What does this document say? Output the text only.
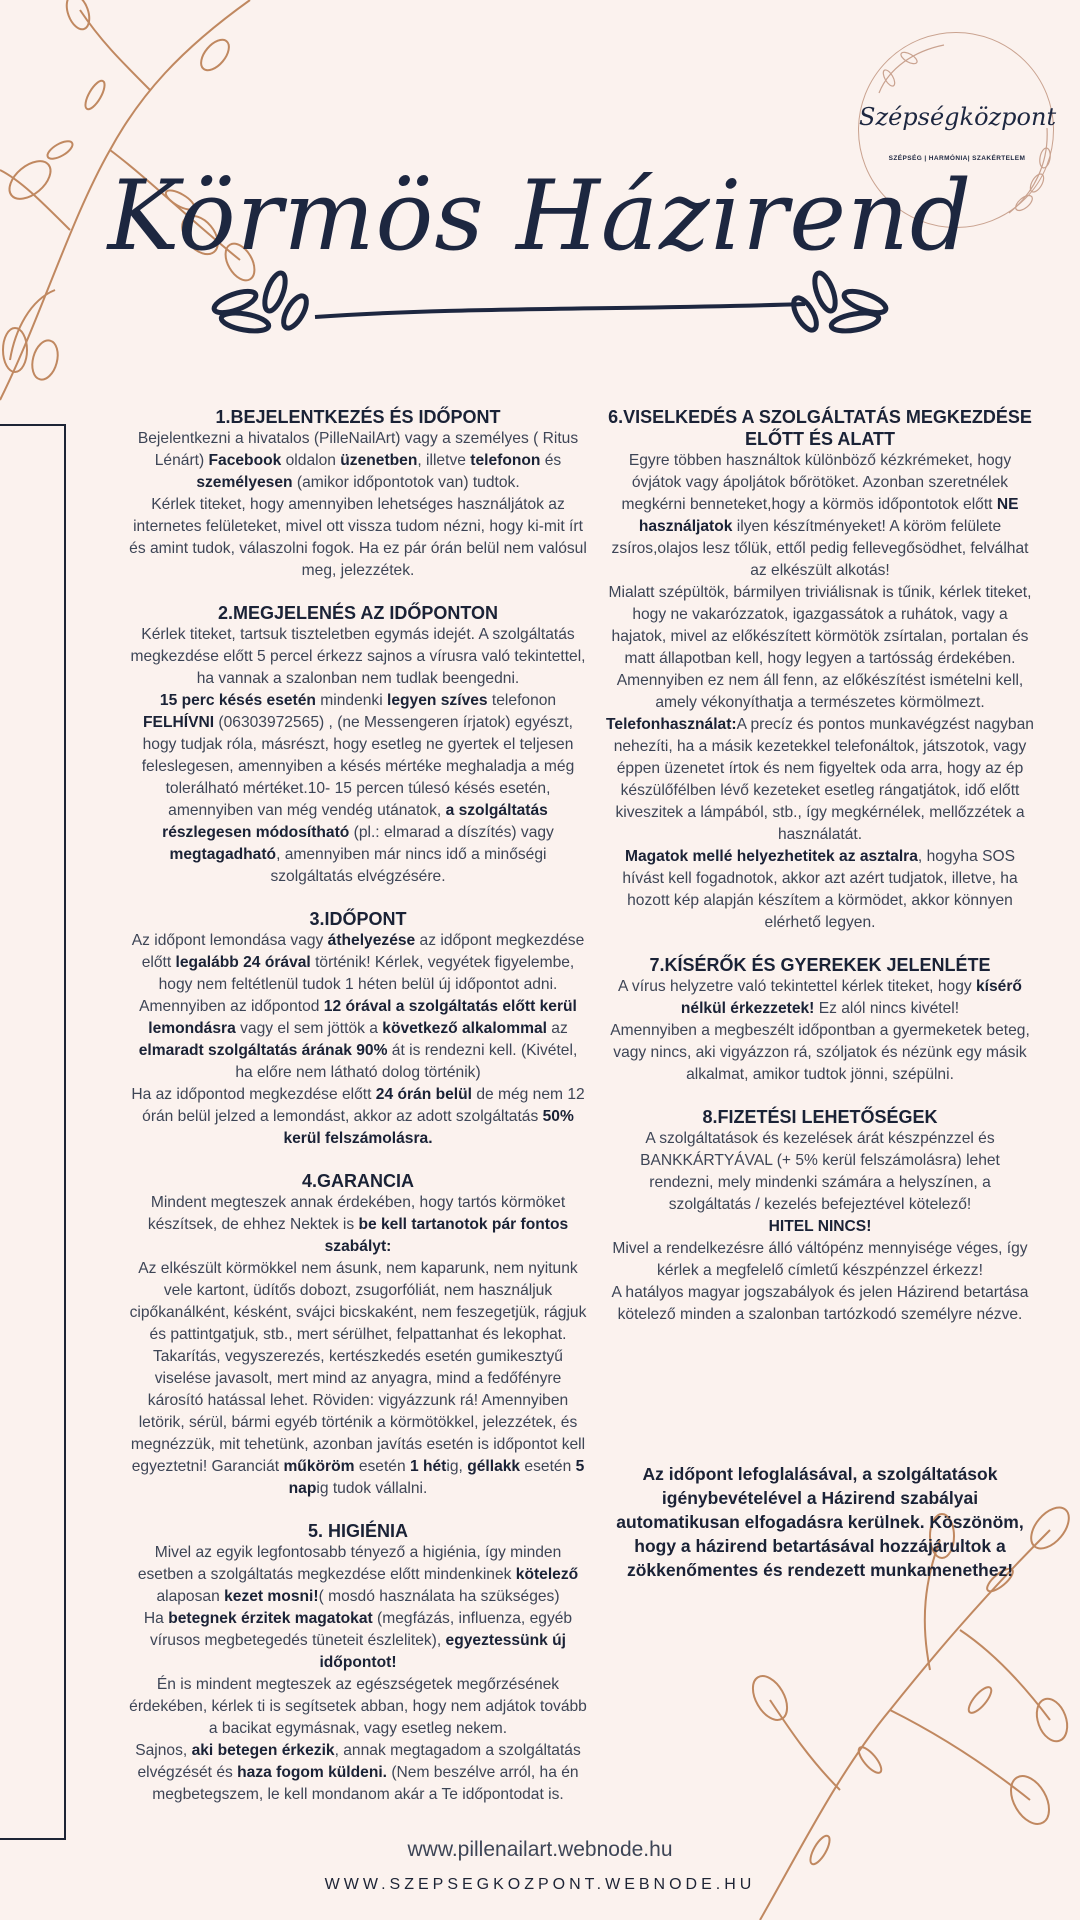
Szépségközpont
SZÉPSÉG | HARMÓNIA| SZAKÉRTELEM
Körmös Házirend
1.BEJELENTKEZÉS ÉS IDŐPONT

Bejelentkezni a hivatalos (PilleNailArt) vagy a személyes ( Ritus Lénárt) Facebook oldalon üzenetben, illetve telefonon és személyesen (amikor időpontotok van) tudtok.

Kérlek titeket, hogy amennyiben lehetséges használjátok az internetes felületeket, mivel ott vissza tudom nézni, hogy ki-mit írt és amint tudok, válaszolni fogok. Ha ez pár órán belül nem valósul meg, jelezzétek.

2.MEGJELENÉS AZ IDŐPONTON

Kérlek titeket, tartsuk tiszteletben egymás idejét. A szolgáltatás megkezdése előtt 5 percel érkezz sajnos a vírusra való tekintettel, ha vannak a szalonban nem tudlak beengedni.

15 perc késés esetén mindenki legyen szíves telefonon FELHÍVNI (06303972565) , (ne Messengeren írjatok) egyészt, hogy tudjak róla, másrészt, hogy esetleg ne gyertek el teljesen feleslegesen, amennyiben a késés mértéke meghaladja a még tolerálható mértéket.10- 15 percen túlesó késés esetén, amennyiben van még vendég utánatok, a szolgáltatás részlegesen módosítható (pl.: elmarad a díszítés) vagy megtagadható, amennyiben már nincs idő a minőségi szolgáltatás elvégzésére.

3.IDŐPONT

Az időpont lemondása vagy áthelyezése az időpont megkezdése előtt legalább 24 órával történik! Kérlek, vegyétek figyelembe, hogy nem feltétlenül tudok 1 héten belül új időpontot adni. Amennyiben az időpontod 12 órával a szolgáltatás előtt kerül lemondásra vagy el sem jöttök a következő alkalommal az elmaradt szolgáltatás árának 90% át is rendezni kell. (Kivétel, ha előre nem látható dolog történik)

Ha az időpontod megkezdése előtt 24 órán belül de még nem 12 órán belül jelzed a lemondást, akkor az adott szolgáltatás 50% kerül felszámolásra.

4.GARANCIA

Mindent megteszek annak érdekében, hogy tartós körmöket készítsek, de ehhez Nektek is be kell tartanotok pár fontos szabályt:

Az elkészült körmökkel nem ásunk, nem kaparunk, nem nyitunk vele kartont, üdítős dobozt, zsugorfóliát, nem használjuk cipőkanálként, késként, svájci bicskaként, nem feszegetjük, rágjuk és pattintgatjuk, stb., mert sérülhet, felpattanhat és lekophat. Takarítás, vegyszerezés, kertészkedés esetén gumikesztyű viselése javasolt, mert mind az anyagra, mind a fedőfényre károsító hatással lehet. Röviden: vigyázzunk rá! Amennyiben letörik, sérül, bármi egyéb történik a körmötökkel, jelezzétek, és megnézzük, mit tehetünk, azonban javítás esetén is időpontot kell egyeztetni! Garanciát műköröm esetén 1 hétig, géllakk esetén 5 napig tudok vállalni.

5. HIGIÉNIA

Mivel az egyik legfontosabb tényező a higiénia, így minden esetben a szolgáltatás megkezdése előtt mindenkinek kötelező alaposan kezet mosni!( mosdó használata ha szükséges)

Ha betegnek érzitek magatokat (megfázás, influenza, egyéb vírusos megbetegedés tüneteit észlelitek), egyeztessünk új időpontot!

Én is mindent megteszek az egészségetek megőrzésének érdekében, kérlek ti is segítsetek abban, hogy nem adjátok tovább a bacikat egymásnak, vagy esetleg nekem.

Sajnos, aki betegen érkezik, annak megtagadom a szolgáltatás elvégzését és haza fogom küldeni. (Nem beszélve arról, ha én megbetegszem, le kell mondanom akár a Te időpontodat is.

6.VISELKEDÉS A SZOLGÁLTATÁS MEGKEZDÉSE ELŐTT ÉS ALATT

Egyre többen használtok különböző kézkrémeket, hogy óvjátok vagy ápoljátok bőrötöket. Azonban szeretnélek megkérni benneteket,hogy a körmös időpontotok előtt NE használjatok ilyen készítményeket! A köröm felülete zsíros,olajos lesz tőlük, ettől pedig fellevegősödhet, felválhat az elkészült alkotás!

Mialatt szépültök, bármilyen triviálisnak is tűnik, kérlek titeket, hogy ne vakarózzatok, igazgassátok a ruhátok, vagy a hajatok, mivel az előkészített körmötök zsírtalan, portalan és matt állapotban kell, hogy legyen a tartósság érdekében. Amennyiben ez nem áll fenn, az előkészítést ismételni kell, amely vékonyíthatja a természetes körmölmezt. Telefonhasználat:A precíz és pontos munkavégzést nagyban nehezíti, ha a másik kezetekkel telefonáltok, játszotok, vagy éppen üzenetet írtok és nem figyeltek oda arra, hogy az ép készülőfélben lévő kezeteket esetleg rángatjátok, idő előtt kiveszitek a lámpából, stb., így megkérnélek, mellőzzétek a használatát.

Magatok mellé helyezhetitek az asztalra, hogyha SOS hívást kell fogadnotok, akkor azt azért tudjatok, illetve, ha hozott kép alapján készítem a körmödet, akkor könnyen elérhető legyen.

7.KÍSÉRŐK ÉS GYEREKEK JELENLÉTE

A vírus helyzetre való tekintettel kérlek titeket, hogy kísérő nélkül érkezzetek! Ez alól nincs kivétel!

Amennyiben a megbeszélt időpontban a gyermeketek beteg, vagy nincs, aki vigyázzon rá, szóljatok és nézünk egy másik alkalmat, amikor tudtok jönni, szépülni.

8.FIZETÉSI LEHETŐSÉGEK

A szolgáltatások és kezelések árát készpénzzel és BANKKÁRTYÁVAL (+ 5% kerül felszámolásra) lehet rendezni, mely mindenki számára a helyszínen, a szolgáltatás / kezelés befejeztével kötelező!

HITEL NINCS!

Mivel a rendelkezésre álló váltópénz mennyisége véges, így kérlek a megfelelő címletű készpénzzel érkezz!

A hatályos magyar jogszabályok és jelen Házirend betartása kötelező minden a szalonban tartózkodó személyre nézve.

Az időpont lefoglalásával, a szolgáltatások igénybevételével a Házirend szabályai automatikusan elfogadásra kerülnek. Köszönöm, hogy a házirend betartásával hozzájárultok a zökkenőmentes és rendezett munkamenethez!
www.pillenailart.webnode.hu
WWW.SZEPSEGKOZPONT.WEBNODE.HU
